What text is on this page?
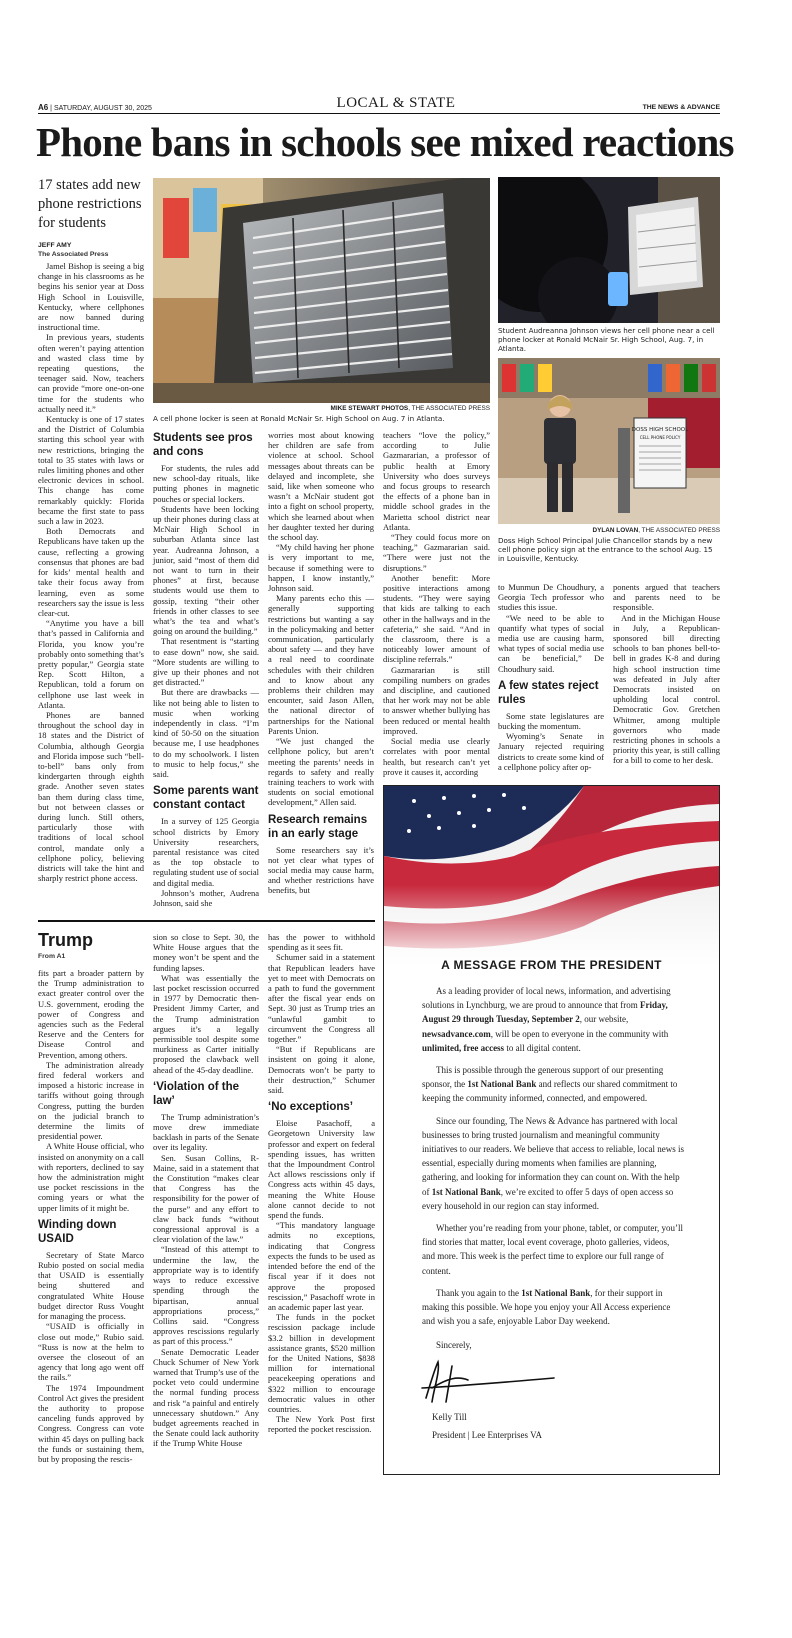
A6 | SATURDAY, AUGUST 30, 2025	LOCAL & STATE	THE NEWS & ADVANCE
Phone bans in schools see mixed reactions
17 states add new phone restrictions for students
JEFF AMY
The Associated Press

Jamel Bishop is seeing a big change in his classrooms as he begins his senior year at Doss High School in Louisville, Kentucky, where cellphones are now banned during instructional time.

In previous years, students often weren’t paying attention and wasted class time by repeating questions, the teenager said. Now, teachers can provide “more one-on-one time for the students who actually need it.”

Kentucky is one of 17 states and the District of Columbia starting this school year with new restrictions, bringing the total to 35 states with laws or rules limiting phones and other electronic devices in school. This change has come remarkably quickly: Florida became the first state to pass such a law in 2023.

Both Democrats and Republicans have taken up the cause, reflecting a growing consensus that phones are bad for kids’ mental health and take their focus away from learning, even as some researchers say the issue is less clear-cut.

“Anytime you have a bill that’s passed in California and Florida, you know you’re probably onto something that’s pretty popular,” Georgia state Rep. Scott Hilton, a Republican, told a forum on cellphone use last week in Atlanta.

Phones are banned throughout the school day in 18 states and the District of Columbia, although Georgia and Florida impose such “bell-to-bell” bans only from kindergarten through eighth grade. Another seven states ban them during class time, but not between classes or during lunch. Still others, particularly those with traditions of local school control, mandate only a cellphone policy, believing districts will take the hint and sharply restrict phone access.

MIKE STEWART PHOTOS, THE ASSOCIATED PRESS
A cell phone locker is seen at Ronald McNair Sr. High School on Aug. 7 in Atlanta.
Student Audreanna Johnson views her cell phone near a cell phone locker at Ronald McNair Sr. High School, Aug. 7, in Atlanta.
DOSS HIGH SCHOOL
CELL PHONE POLICY
DYLAN LOVAN, THE ASSOCIATED PRESS
Doss High School Principal Julie Chancellor stands by a new cell phone policy sign at the entrance to the school Aug. 15 in Louisville, Kentucky.
Students see pros and cons

For students, the rules add new school-day rituals, like putting phones in magnetic pouches or special lockers.

Students have been locking up their phones during class at McNair High School in suburban Atlanta since last year. Audreanna Johnson, a junior, said “most of them did not want to turn in their phones” at first, because students would use them to gossip, texting “their other friends in other classes to see what’s the tea and what’s going on around the building.”

That resentment is “starting to ease down” now, she said. “More students are willing to give up their phones and not get distracted.”

But there are drawbacks — like not being able to listen to music when working independently in class. “I’m kind of 50-50 on the situation because me, I use headphones to do my schoolwork. I listen to music to help focus,” she said.

Some parents want constant contact

In a survey of 125 Georgia school districts by Emory University researchers, parental resistance was cited as the top obstacle to regulating student use of social and digital media.

Johnson’s mother, Audrena Johnson, said she

worries most about knowing her children are safe from violence at school. School messages about threats can be delayed and incomplete, she said, like when someone who wasn’t a McNair student got into a fight on school property, which she learned about when her daughter texted her during the school day.

“My child having her phone is very important to me, because if something were to happen, I know instantly,” Johnson said.

Many parents echo this — generally supporting restrictions but wanting a say in the policymaking and better communication, particularly about safety — and they have a real need to coordinate schedules with their children and to know about any problems their children may encounter, said Jason Allen, the national director of partnerships for the National Parents Union.

“We just changed the cellphone policy, but aren’t meeting the parents’ needs in regards to safety and really training teachers to work with students on social emotional development,” Allen said.

Research remains in an early stage

Some researchers say it’s not yet clear what types of social media may cause harm, and whether restrictions have benefits, but

teachers “love the policy,” according to Julie Gazmararian, a professor of public health at Emory University who does surveys and focus groups to research the effects of a phone ban in middle school grades in the Marietta school district near Atlanta.

“They could focus more on teaching,” Gazmararian said. “There were just not the disruptions.”

Another benefit: More positive interactions among students. “They were saying that kids are talking to each other in the hallways and in the cafeteria,” she said. “And in the classroom, there is a noticeably lower amount of discipline referrals.”

Gazmararian is still compiling numbers on grades and discipline, and cautioned that her work may not be able to answer whether bullying has been reduced or mental health improved.

Social media use clearly correlates with poor mental health, but research can’t yet prove it causes it, according

to Munmun De Choudhury, a Georgia Tech professor who studies this issue.

“We need to be able to quantify what types of social media use are causing harm, what types of social media use can be beneficial,” De Choudhury said.

A few states reject rules

Some state legislatures are bucking the momentum.

Wyoming’s Senate in January rejected requiring districts to create some kind of a cellphone policy after op-

ponents argued that teachers and parents need to be responsible.

And in the Michigan House in July, a Republican-sponsored bill directing schools to ban phones bell-to-bell in grades K-8 and during high school instruction time was defeated in July after Democrats insisted on upholding local control. Democratic Gov. Gretchen Whitmer, among multiple governors who made restricting phones in schools a priority this year, is still calling for a bill to come to her desk.

Trump
From A1

fits part a broader pattern by the Trump administration to exact greater control over the U.S. government, eroding the power of Congress and agencies such as the Federal Reserve and the Centers for Disease Control and Prevention, among others.

The administration already fired federal workers and imposed a historic increase in tariffs without going through Congress, putting the burden on the judicial branch to determine the limits of presidential power.

A White House official, who insisted on anonymity on a call with reporters, declined to say how the administration might use pocket rescissions in the coming years or what the upper limits of it might be.

Winding down USAID

Secretary of State Marco Rubio posted on social media that USAID is essentially being shuttered and congratulated White House budget director Russ Vought for managing the process.

“USAID is officially in close out mode,” Rubio said. “Russ is now at the helm to oversee the closeout of an agency that long ago went off the rails.”

The 1974 Impoundment Control Act gives the president the authority to propose canceling funds approved by Congress. Congress can vote within 45 days on pulling back the funds or sustaining them, but by proposing the rescis-

sion so close to Sept. 30, the White House argues that the money won’t be spent and the funding lapses.

What was essentially the last pocket rescission occurred in 1977 by Democratic then-President Jimmy Carter, and the Trump administration argues it’s a legally permissible tool despite some murkiness as Carter initially proposed the clawback well ahead of the 45-day deadline.

‘Violation of the law’

The Trump administration’s move drew immediate backlash in parts of the Senate over its legality.

Sen. Susan Collins, R-Maine, said in a statement that the Constitution “makes clear that Congress has the responsibility for the power of the purse” and any effort to claw back funds “without congressional approval is a clear violation of the law.”

“Instead of this attempt to undermine the law, the appropriate way is to identify ways to reduce excessive spending through the bipartisan, annual appropriations process,” Collins said. “Congress approves rescissions regularly as part of this process.”

Senate Democratic Leader Chuck Schumer of New York warned that Trump’s use of the pocket veto could undermine the normal funding process and risk “a painful and entirely unnecessary shutdown.” Any budget agreements reached in the Senate could lack authority if the Trump White House

has the power to withhold spending as it sees fit.

Schumer said in a statement that Republican leaders have yet to meet with Democrats on a path to fund the government after the fiscal year ends on Sept. 30 just as Trump tries an “unlawful gambit to circumvent the Congress all together.”

“But if Republicans are insistent on going it alone, Democrats won’t be party to their destruction,” Schumer said.

‘No exceptions’

Eloise Pasachoff, a Georgetown University law professor and expert on federal spending issues, has written that the Impoundment Control Act allows rescissions only if Congress acts within 45 days, meaning the White House alone cannot decide to not spend the funds.

“This mandatory language admits no exceptions, indicating that Congress expects the funds to be used as intended before the end of the fiscal year if it does not approve the proposed rescission,” Pasachoff wrote in an academic paper last year.

The funds in the pocket rescission package include $3.2 billion in development assistance grants, $520 million for the United Nations, $838 million for international peacekeeping operations and $322 million to encourage democratic values in other countries.

The New York Post first reported the pocket rescission.

A MESSAGE FROM THE PRESIDENT

As a leading provider of local news, information, and advertising solutions in Lynchburg, we are proud to announce that from Friday, August 29 through Tuesday, September 2, our website, newsadvance.com, will be open to everyone in the community with unlimited, free access to all digital content.

This is possible through the generous support of our presenting sponsor, the 1st National Bank and reflects our shared commitment to keeping the community informed, connected, and empowered.

Since our founding, The News & Advance has partnered with local businesses to bring trusted journalism and meaningful community initiatives to our readers. We believe that access to reliable, local news is essential, especially during moments when families are planning, gathering, and looking for information they can count on. With the help of 1st National Bank, we’re excited to offer 5 days of open access so every household in our region can stay informed.

Whether you’re reading from your phone, tablet, or computer, you’ll find stories that matter, local event coverage, photo galleries, videos, and more. This week is the perfect time to explore our full range of content.

Thank you again to the 1st National Bank, for their support in making this possible. We hope you enjoy your All Access experience and wish you a safe, enjoyable Labor Day weekend.

Sincerely,

Kelly Till
President | Lee Enterprises VA
